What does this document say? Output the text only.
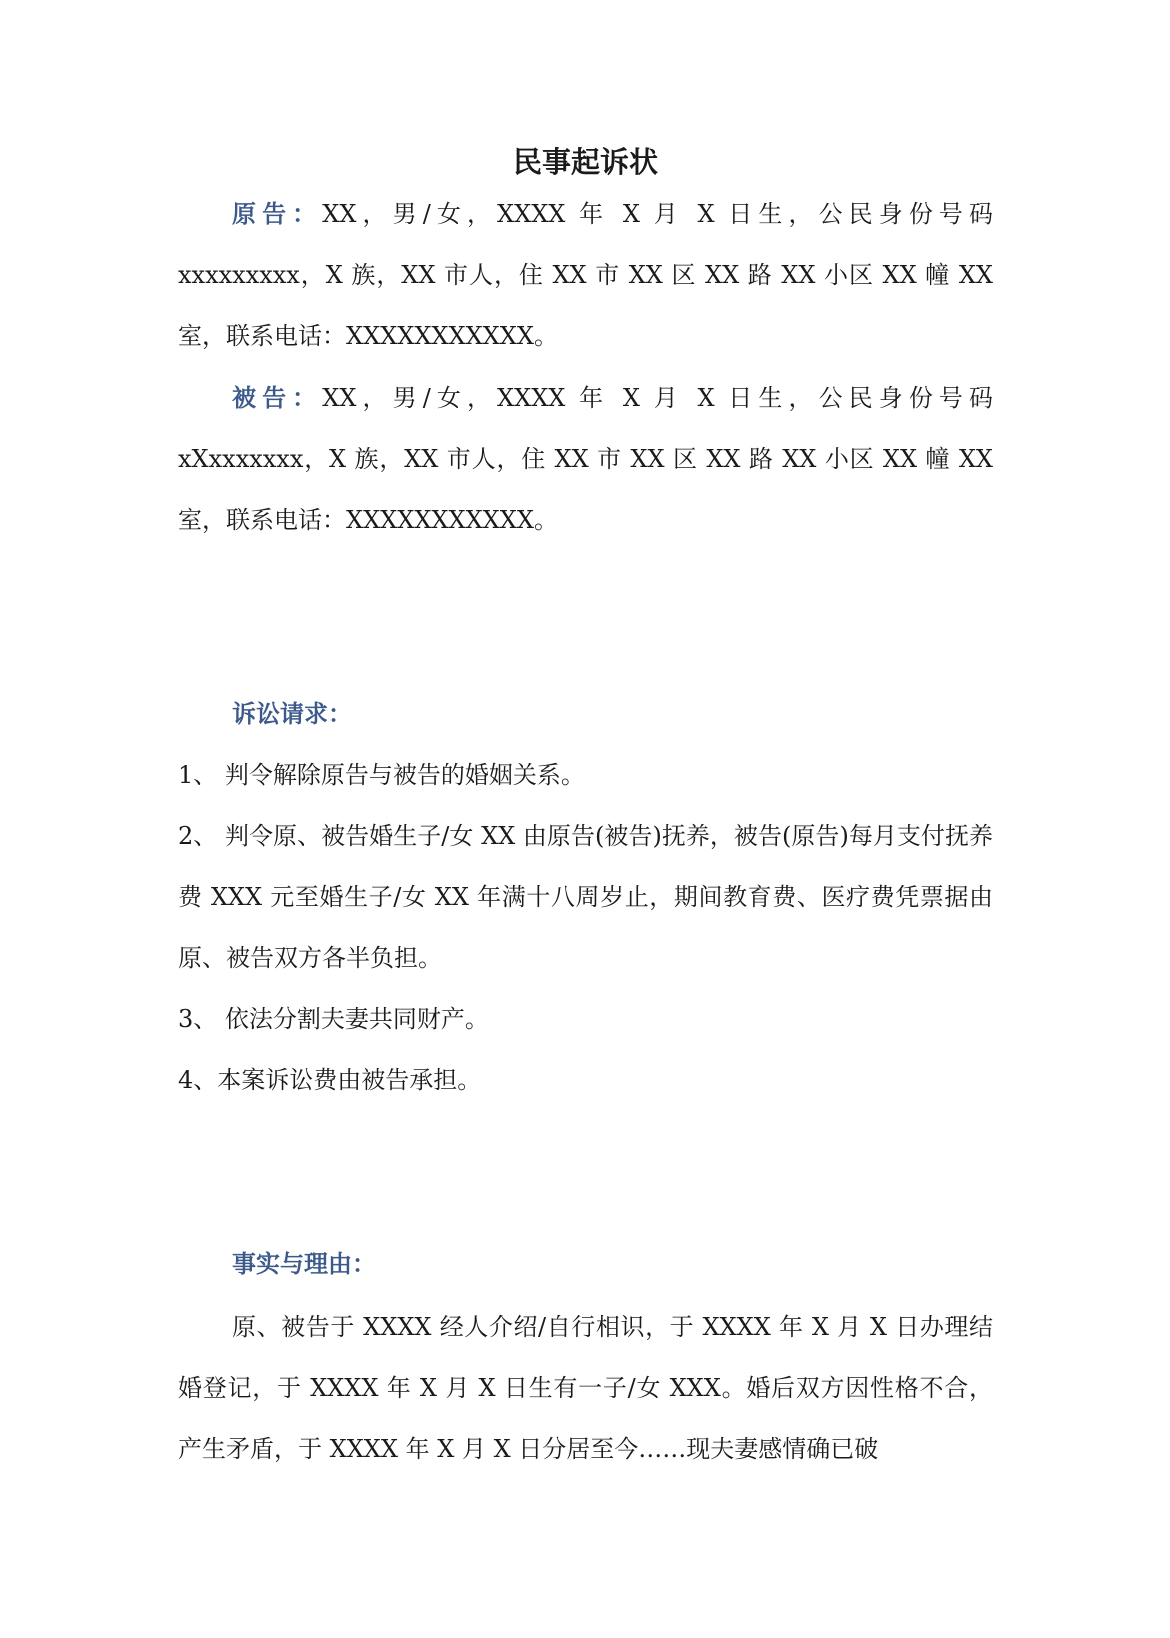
民事起诉状
原告：XX，男/女，XXXX 年 X 月 X 日生，公民身份号码 xxxxxxxxx，X 族，XX 市人，住 XX 市 XX 区 XX 路 XX 小区 XX 幢 XX 室，联系电话：XXXXXXXXXXX。
被告：XX，男/女，XXXX 年 X 月 X 日生，公民身份号码 xXxxxxxxx，X 族，XX 市人，住 XX 市 XX 区 XX 路 XX 小区 XX 幢 XX 室，联系电话：XXXXXXXXXXX。
诉讼请求：
1、 判令解除原告与被告的婚姻关系。
2、 判令原、被告婚生子/女 XX 由原告(被告)抚养，被告(原告)每月支付抚养费 XXX 元至婚生子/女 XX 年满十八周岁止，期间教育费、医疗费凭票据由原、被告双方各半负担。
3、 依法分割夫妻共同财产。
4、本案诉讼费由被告承担。
事实与理由：
原、被告于 XXXX 经人介绍/自行相识，于 XXXX 年 X 月 X 日办理结婚登记，于 XXXX 年 X 月 X 日生有一子/女 XXX。婚后双方因性格不合，产生矛盾，于 XXXX 年 X 月 X 日分居至今……现夫妻感情确已破
